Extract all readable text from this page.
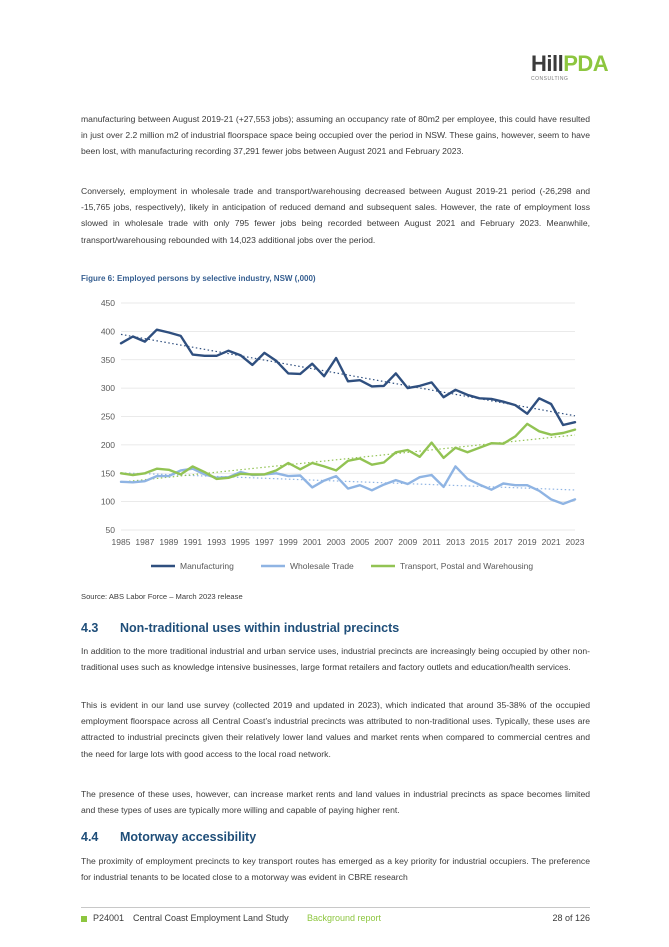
HillPDA
CONSULTING

manufacturing between August 2019-21 (+27,553 jobs); assuming an occupancy rate of 80m2 per employee, this could have resulted in just over 2.2 million m2 of industrial floorspace space being occupied over the period in NSW. These gains, however, seem to have been lost, with manufacturing recording 37,291 fewer jobs between August 2021 and February 2023.

Conversely, employment in wholesale trade and transport/warehousing decreased between August 2019-21 period (-26,298 and -15,765 jobs, respectively), likely in anticipation of reduced demand and subsequent sales. However, the rate of employment loss slowed in wholesale trade with only 795 fewer jobs being recorded between August 2021 and February 2023. Meanwhile, transport/warehousing rebounded with 14,023 additional jobs over the period.

Figure 6: Employed persons by selective industry, NSW (,000)
50
100
150
200
250
300
350
400
450
1985 1987 1989 1991 1993 1995 1997 1999 2001 2003 2005 2007 2009 2011 2013 2015 2017 2019 2021 2023
Manufacturing	Wholesale Trade	Transport, Postal and Warehousing
Source: ABS Labor Force – March 2023 release
4.3 Non-traditional uses within industrial precincts

In addition to the more traditional industrial and urban service uses, industrial precincts are increasingly being occupied by other non-traditional uses such as knowledge intensive businesses, large format retailers and factory outlets and education/health services.

This is evident in our land use survey (collected 2019 and updated in 2023), which indicated that around 35-38% of the occupied employment floorspace across all Central Coast’s industrial precincts was attributed to non-traditional uses. Typically, these uses are attracted to industrial precincts given their relatively lower land values and market rents when compared to commercial centres and the need for large lots with good access to the local road network.

The presence of these uses, however, can increase market rents and land values in industrial precincts as space becomes limited and these types of uses are typically more willing and capable of paying higher rent.

4.4 Motorway accessibility

The proximity of employment precincts to key transport routes has emerged as a key priority for industrial occupiers. The preference for industrial tenants to be located close to a motorway was evident in CBRE research

P24001 Central Coast Employment Land Study Background report	28 of 126
